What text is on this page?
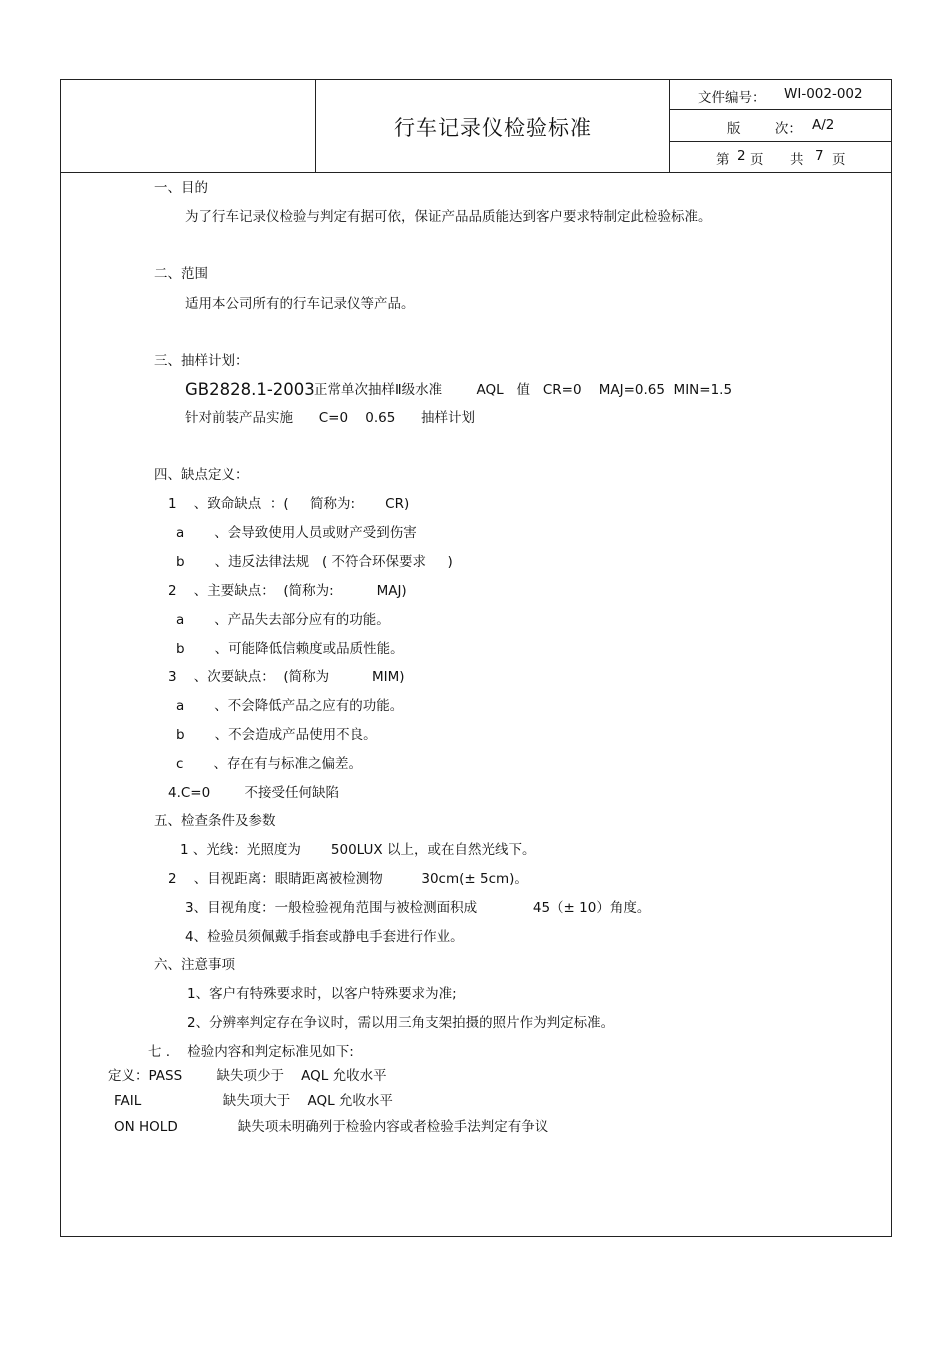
行车记录仪检验标准
文件编号： WI-002-002
版        次： A/2
第 2 页 共 7 页
一、目的
为了行车记录仪检验与判定有据可依，保证产品品质能达到客户要求特制定此检验标准。
二、范围
适用本公司所有的行车记录仪等产品。
三、抽样计划：
GB2828.1-2003 正常单次抽样Ⅱ级水准        AQL   值   CR=0    MAJ=0.65  MIN=1.5
针对前装产品实施      C=0    0.65      抽样计划
四、缺点定义：
1    、致命缺点  ：(     简称为:       CR)
a       、会导致使用人员或财产受到伤害
b       、违反法律法规   ( 不符合环保要求     )
2    、主要缺点：  (简称为:          MAJ)
a       、产品失去部分应有的功能。
b       、可能降低信赖度或品质性能。
3    、次要缺点：  (简称为          MIM)
a       、不会降低产品之应有的功能。
b       、不会造成产品使用不良。
c       、存在有与标准之偏差。
4.C=0        不接受任何缺陷
五、检查条件及参数
1 、光线：光照度为       500LUX 以上，或在自然光线下。
2    、目视距离：眼睛距离被检测物         30cm(± 5cm)。
3、目视角度：一般检验视角范围与被检测面积成             45（± 10）角度。
4、检验员须佩戴手指套或静电手套进行作业。
六、注意事项
1、客户有特殊要求时，以客户特殊要求为准;
2、分辨率判定存在争议时，需以用三角支架拍摄的照片作为判定标准。
七 .    检验内容和判定标准见如下:
定义：PASS        缺失项少于    AQL 允收水平
FAIL                   缺失项大于    AQL 允收水平
ON HOLD              缺失项未明确列于检验内容或者检验手法判定有争议
